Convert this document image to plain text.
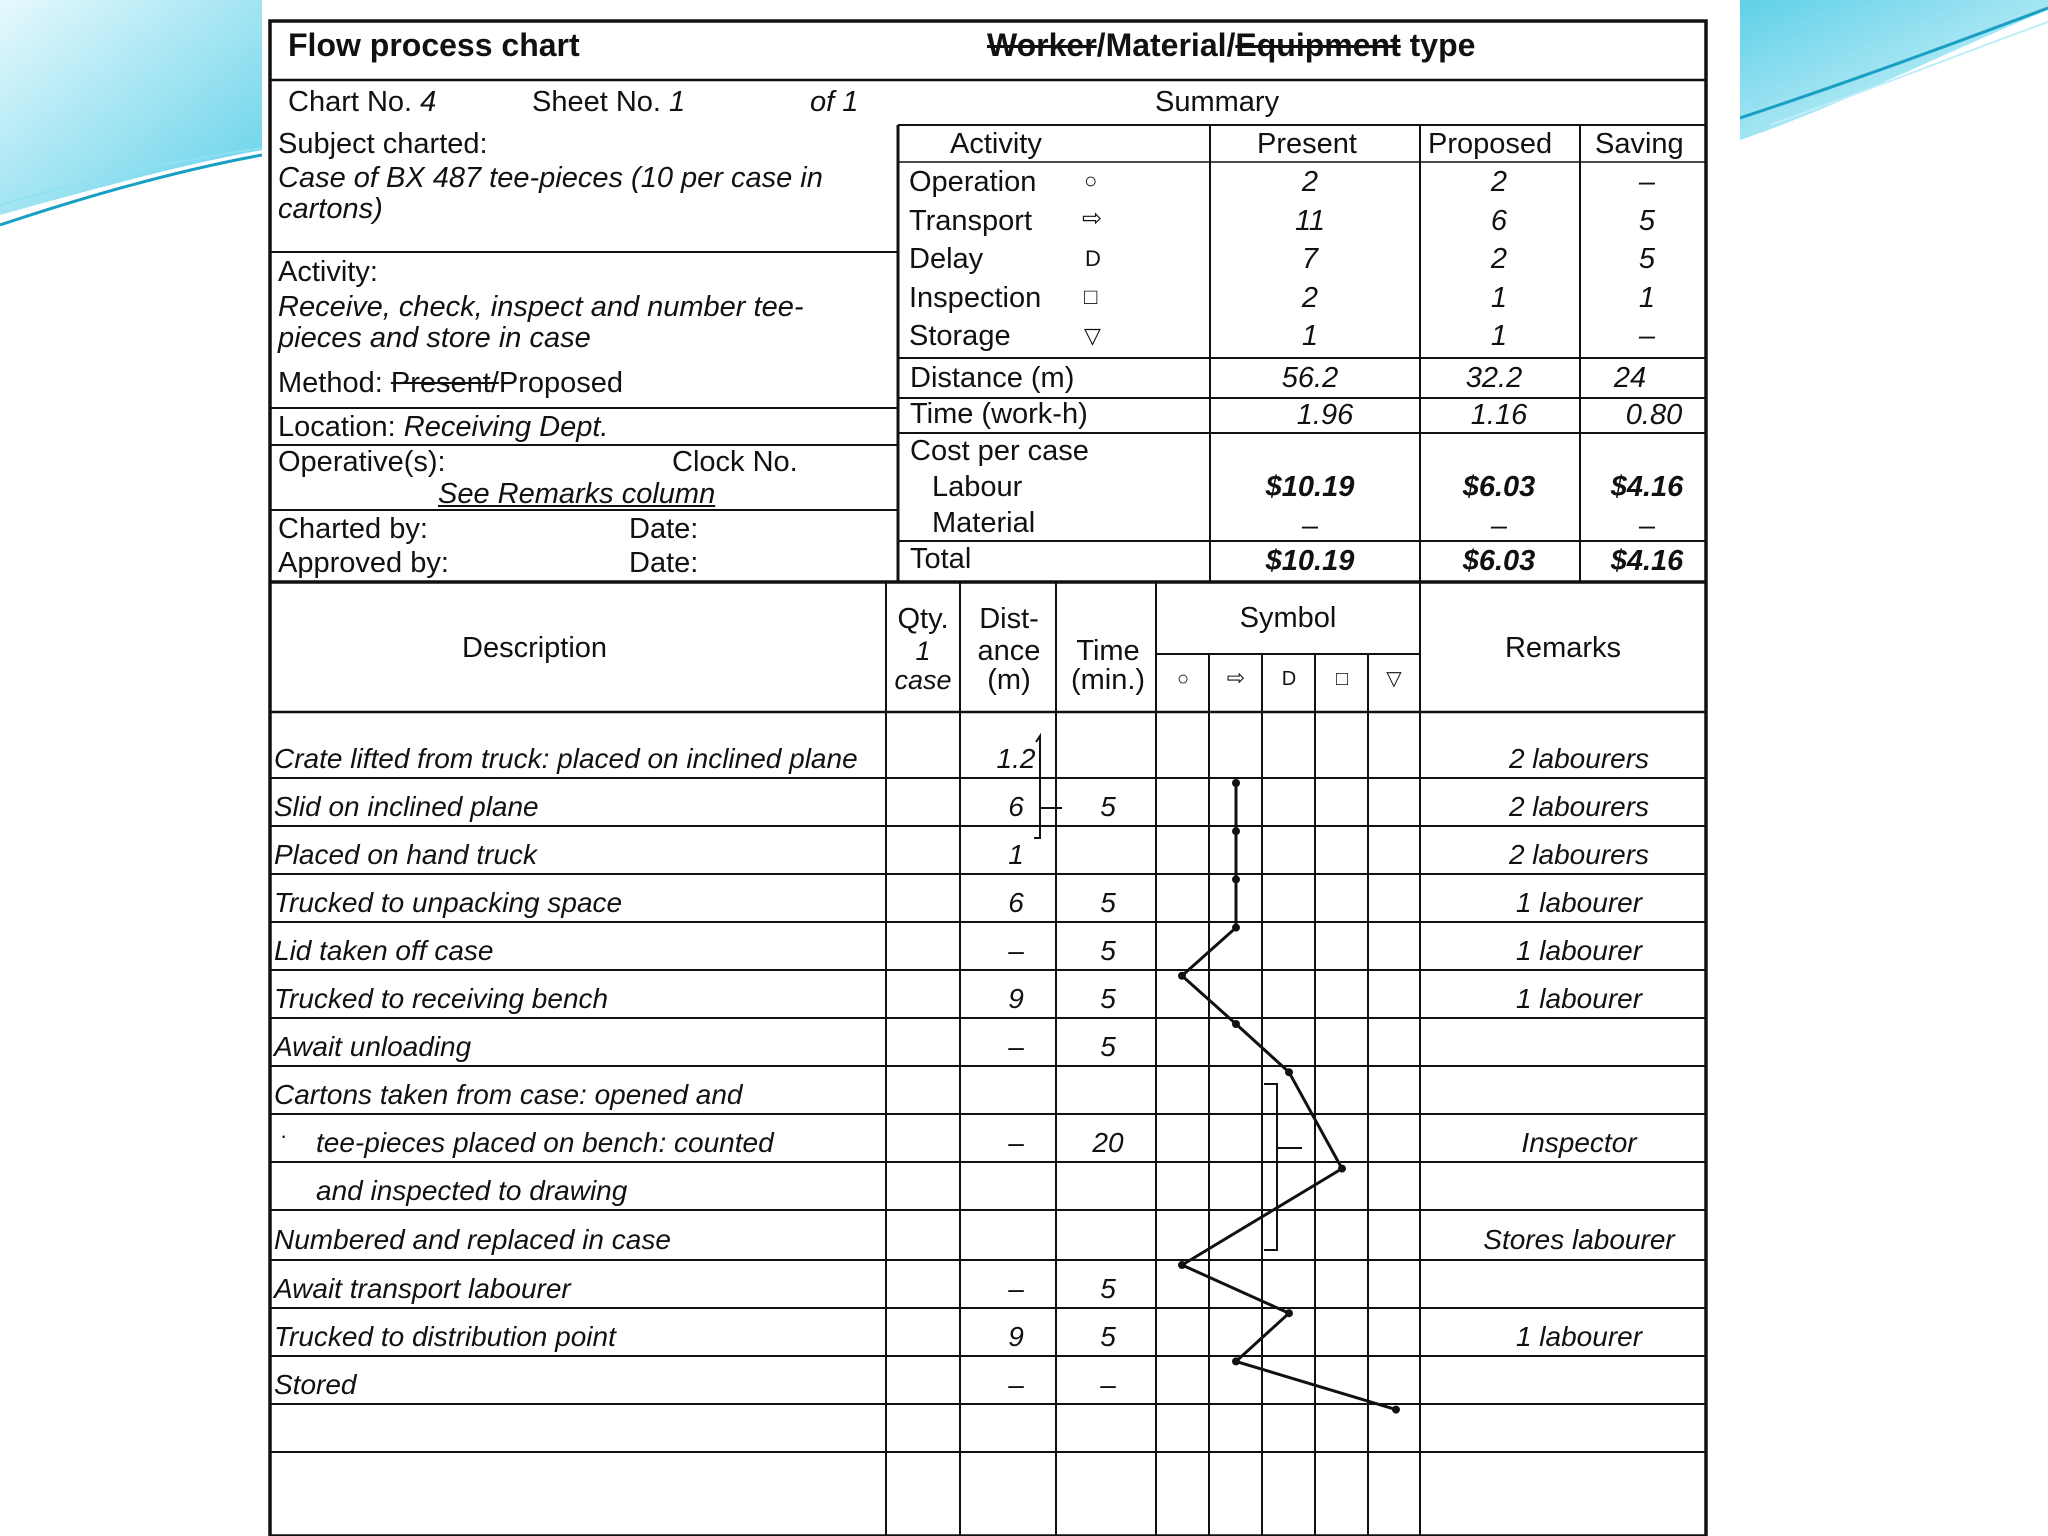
Flow process chart	Worker/Material/Equipment type
Chart No. 4	Sheet No. 1	of 1	Summary
Subject charted:
Case of BX 487 tee-pieces (10 per case in
cartons)
Activity:
Receive, check, inspect and number tee-
pieces and store in case
Method: Present/Proposed
Location: Receiving Dept.
Operative(s):	Clock No.
See Remarks column
Charted by:	Date:
Approved by:	Date:
Activity	Present Proposed Saving
Operation ○	2	2	–
Transport ⇨	11	6	5
Delay	D	7	2	5
Inspection □	2	1	1
Storage	▽	1	1	–
Distance (m)	56.2	32.2	24
Time (work-h)	1.96	1.16	0.80
Cost per case
Labour	$10.19	$6.03	$4.16
Material	–	–	–
Total	$10.19	$6.03	$4.16
Description
Qty.
1
case
Dist-
ance
(m)
Time
(min.)
Symbol
Remarks
○ ⇨ D □ ▽
Crate lifted from truck: placed on inclined plane	1.2	2 labourers
Slid on inclined plane	6	5	2 labourers
Placed on hand truck	1	2 labourers
Trucked to unpacking space	6	5	1 labourer
Lid taken off case	–	5	1 labourer
Trucked to receiving bench	9	5	1 labourer
Await unloading	–	5
Cartons taken from case: opened and
tee-pieces placed on bench: counted	– 20	Inspector
and inspected to drawing
Numbered and replaced in case	Stores labourer
Await transport labourer	–	5
Trucked to distribution point	9	5	1 labourer
Stored	–	–
·
